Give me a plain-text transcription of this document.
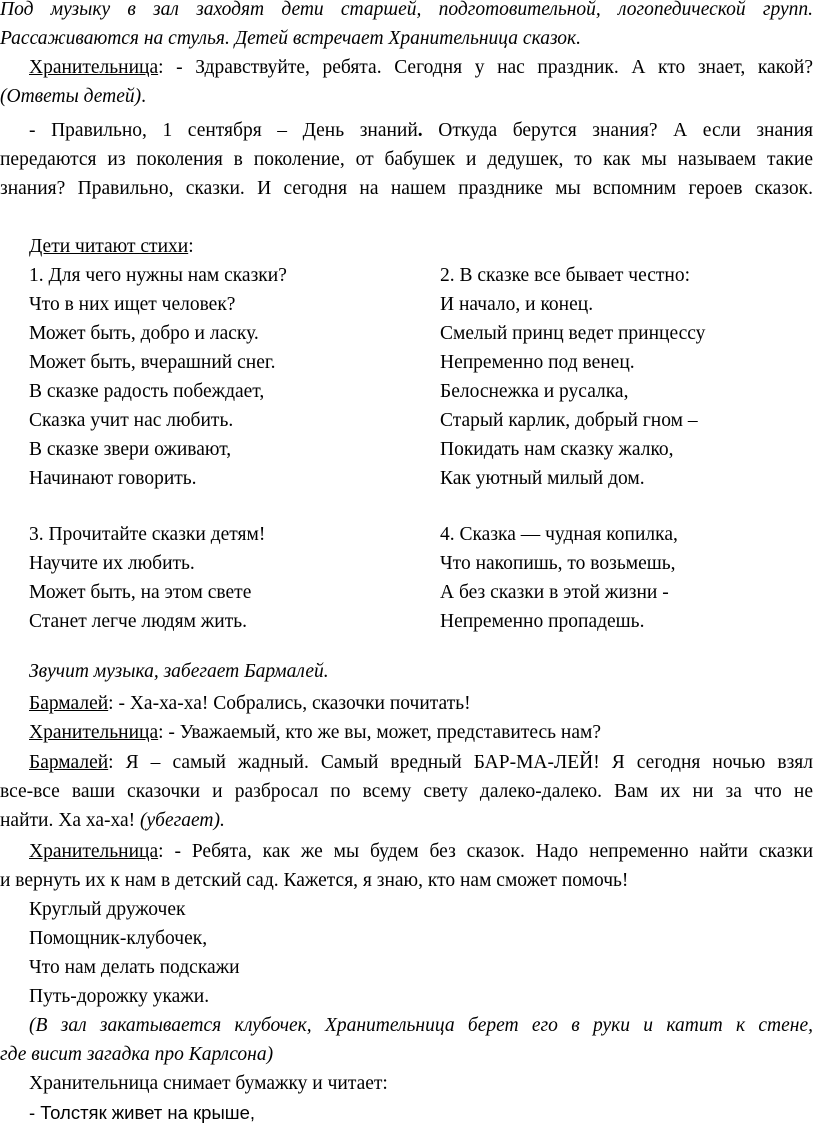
Под музыку в зал заходят дети старшей, подготовительной, логопедической групп.
Рассаживаются на стулья. Детей встречает Хранительница сказок.
Хранительница: - Здравствуйте, ребята. Сегодня у нас праздник. А кто знает, какой?
(Ответы детей).
- Правильно, 1 сентября – День знаний. Откуда берутся знания? А если знания
передаются из поколения в поколение, от бабушек и дедушек, то как мы называем такие
знания? Правильно, сказки. И сегодня на нашем празднике мы вспомним героев сказок.
Дети читают стихи:
1. Для чего нужны нам сказки?
Что в них ищет человек?
Может быть, добро и ласку.
Может быть, вчерашний снег.
В сказке радость побеждает,
Сказка учит нас любить.
В сказке звери оживают,
Начинают говорить.
2. В сказке все бывает честно:
И начало, и конец.
Смелый принц ведет принцессу
Непременно под венец.
Белоснежка и русалка,
Старый карлик, добрый гном –
Покидать нам сказку жалко,
Как уютный милый дом.
3. Прочитайте сказки детям!
Научите их любить.
Может быть, на этом свете
Станет легче людям жить.
4. Сказка — чудная копилка,
Что накопишь, то возьмешь,
А без сказки в этой жизни -
Непременно пропадешь.
Звучит музыка, забегает Бармалей.
Бармалей: - Ха-ха-ха! Собрались, сказочки почитать!
Хранительница: - Уважаемый, кто же вы, может, представитесь нам?
Бармалей: Я – самый жадный. Самый вредный БАР-МА-ЛЕЙ! Я сегодня ночью взял
все-все ваши сказочки и разбросал по всему свету далеко-далеко. Вам их ни за что не
найти. Ха ха-ха! (убегает).
Хранительница: - Ребята, как же мы будем без сказок. Надо непременно найти сказки
и вернуть их к нам в детский сад. Кажется, я знаю, кто нам сможет помочь!
Круглый дружочек
Помощник-клубочек,
Что нам делать подскажи
Путь-дорожку укажи.
(В зал закатывается клубочек, Хранительница берет его в руки и катит к стене,
где висит загадка про Карлсона)
Хранительница снимает бумажку и читает:
- Толстяк живет на крыше,
